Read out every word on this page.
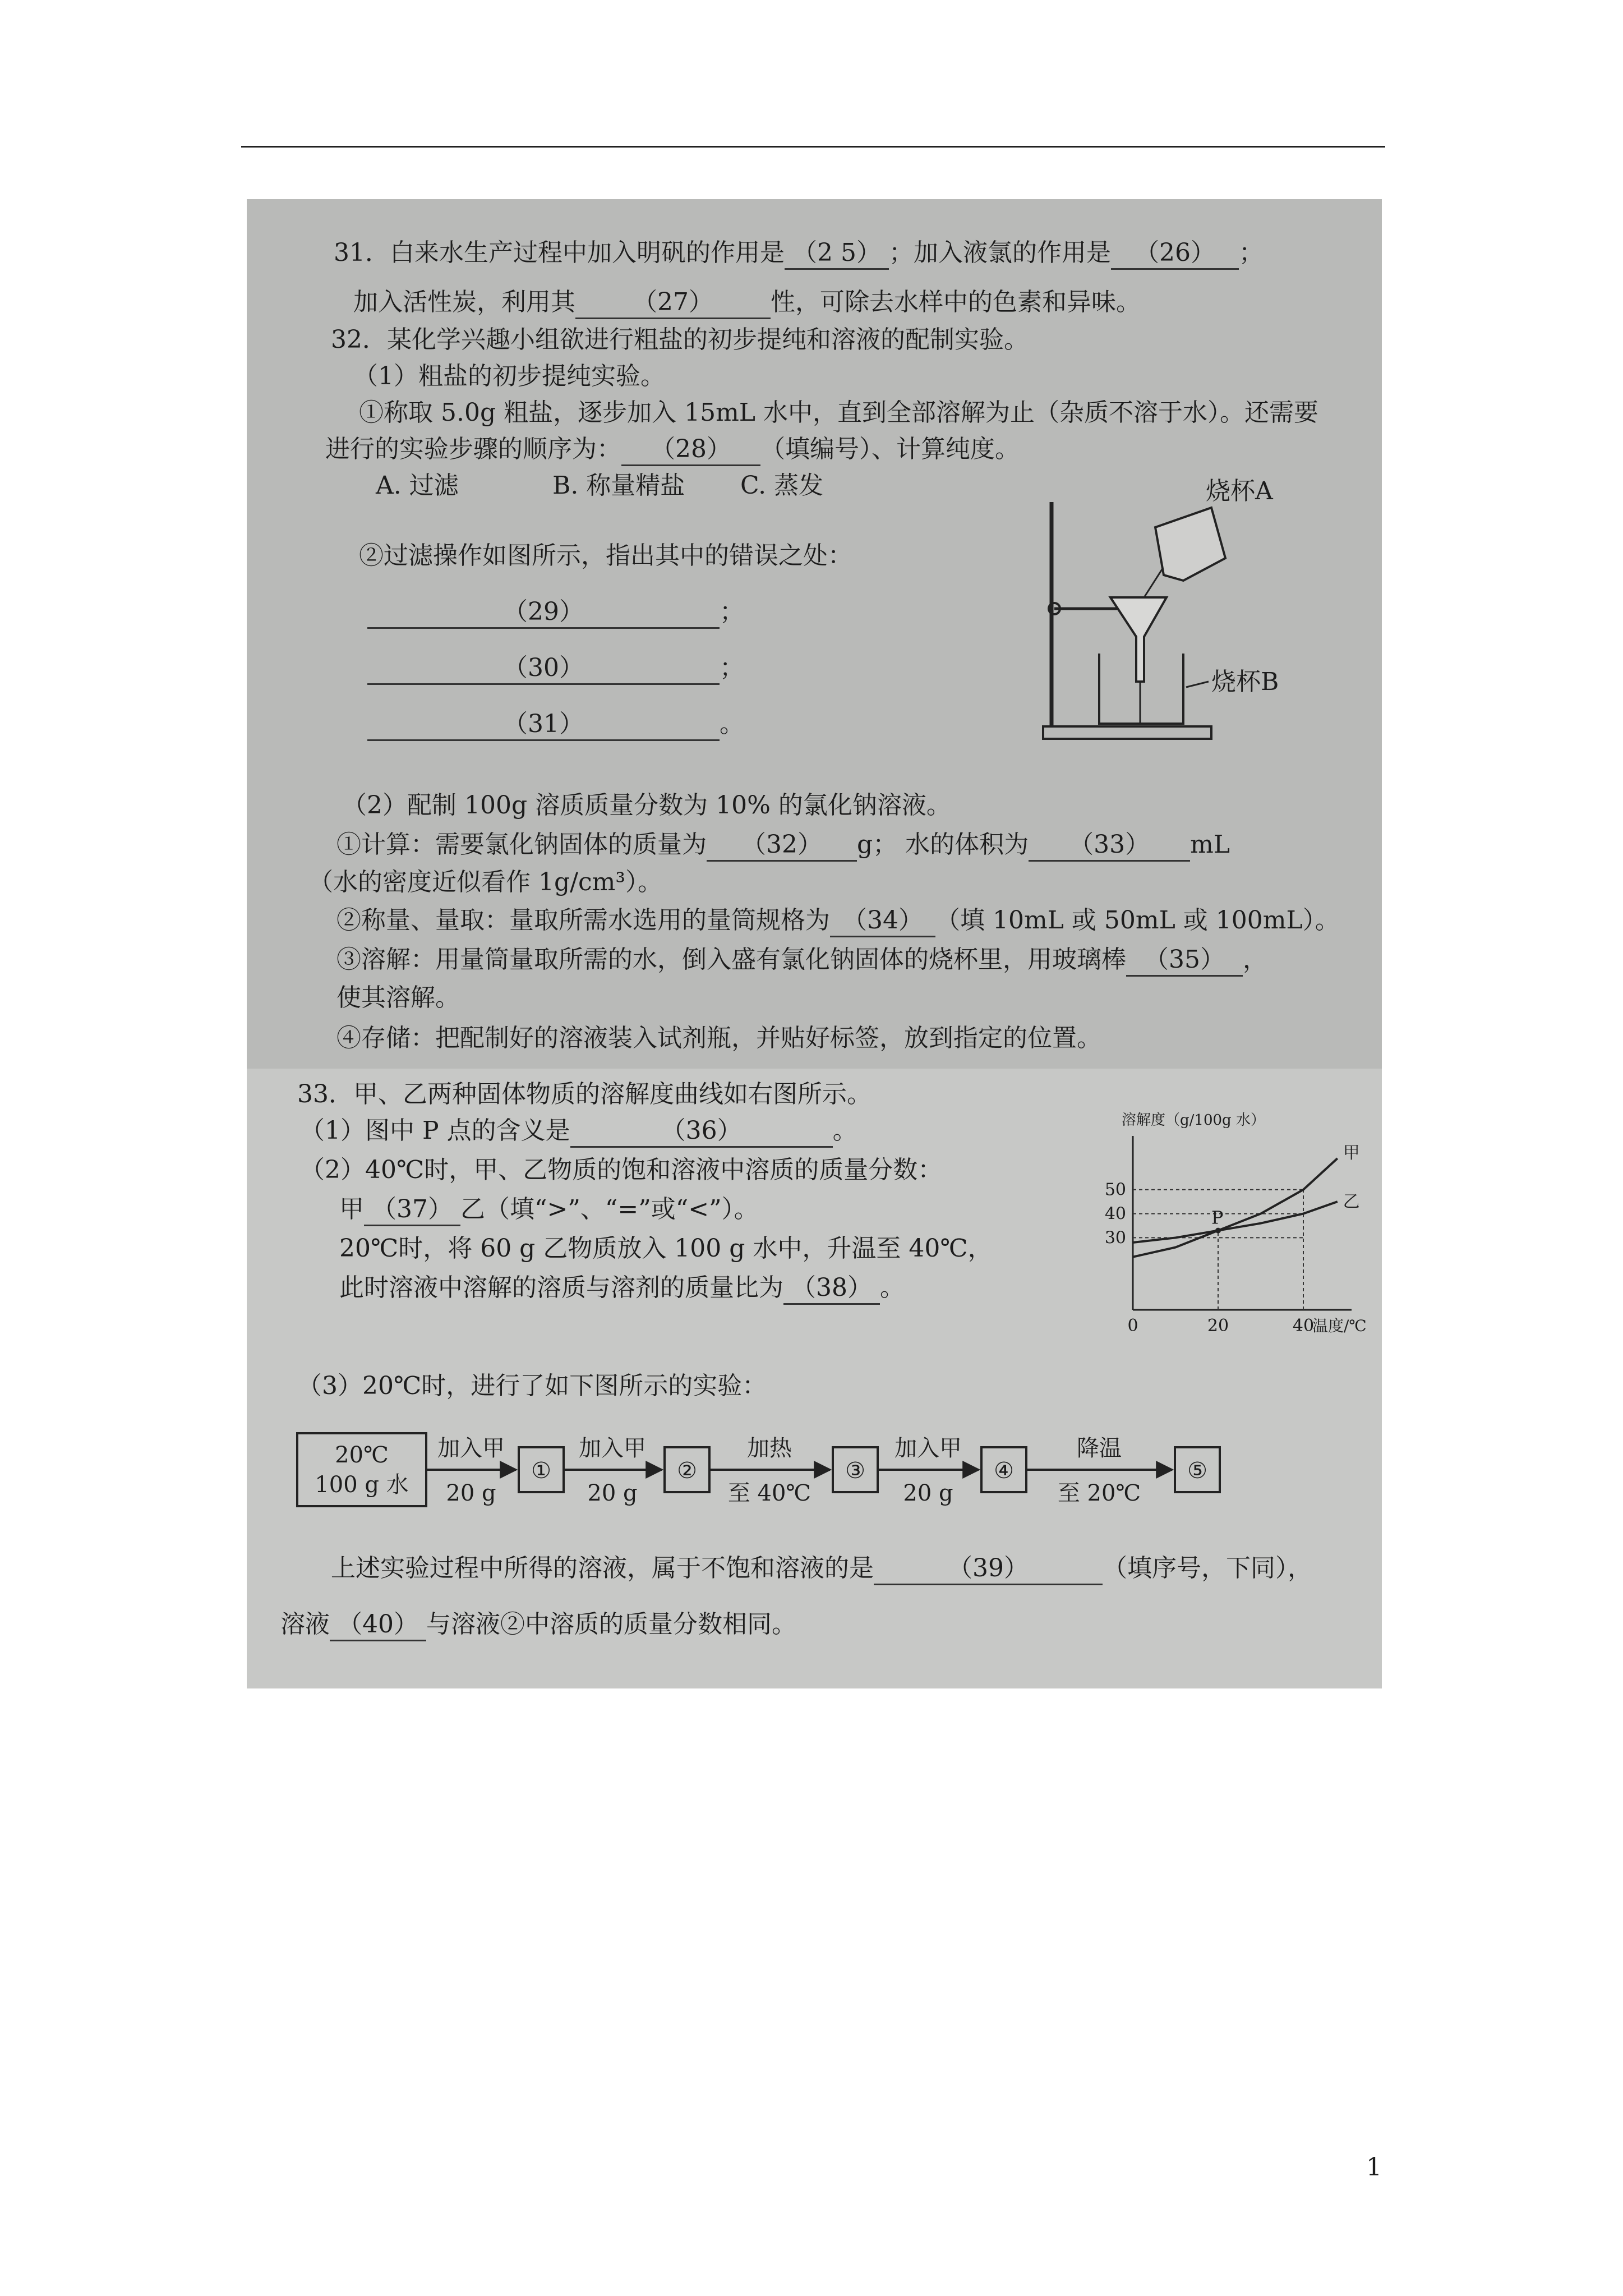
31．白来水生产过程中加入明矾的作用是 （2 5） ；加入液氯的作用是 （26） ；
加入活性炭，利用其 （27） 性，可除去水样中的色素和异味。
32．某化学兴趣小组欲进行粗盐的初步提纯和溶液的配制实验。
（1）粗盐的初步提纯实验。
①称取 5.0g 粗盐，逐步加入 15mL 水中，直到全部溶解为止（杂质不溶于水）。还需要
进行的实验步骤的顺序为： （28） （填编号）、计算纯度。
A. 过滤	B. 称量精盐 C. 蒸发
②过滤操作如图所示，指出其中的错误之处：
（29）	；
（30）	；
（31）	。
烧杯A
烧杯B
（2）配制 100g 溶质质量分数为 10% 的氯化钠溶液。
①计算：需要氯化钠固体的质量为 （32） g； 水的体积为 （33） mL
（水的密度近似看作 1g/cm³）。
②称量、量取：量取所需水选用的量筒规格为 （34） （填 10mL 或 50mL 或 100mL）。
③溶解：用量筒量取所需的水，倒入盛有氯化钠固体的烧杯里，用玻璃棒 （35） ，
使其溶解。
④存储：把配制好的溶液装入试剂瓶，并贴好标签，放到指定的位置。
33．甲、乙两种固体物质的溶解度曲线如右图所示。
（1）图中 P 点的含义是	（36）	。
（2）40℃时，甲、乙物质的饱和溶液中溶质的质量分数：
甲 （37） 乙（填“>”、“=”或“<”）。
20℃时，将 60 g 乙物质放入 100 g 水中，升温至 40℃，
此时溶液中溶解的溶质与溶剂的质量比为 （38） 。
溶解度（g/100g 水）
温度/℃
0	20	40
30
40
50
甲
乙
P
（3）20℃时，进行了如下图所示的实验：
20℃
100 g 水
加入甲
20 g
①
加入甲
20 g
②
加热
至 40℃
③
加入甲
20 g
④
降温
至 20℃
⑤
上述实验过程中所得的溶液，属于不饱和溶液的是	（39）	（填序号，下同），
溶液 （40） 与溶液②中溶质的质量分数相同。
1
